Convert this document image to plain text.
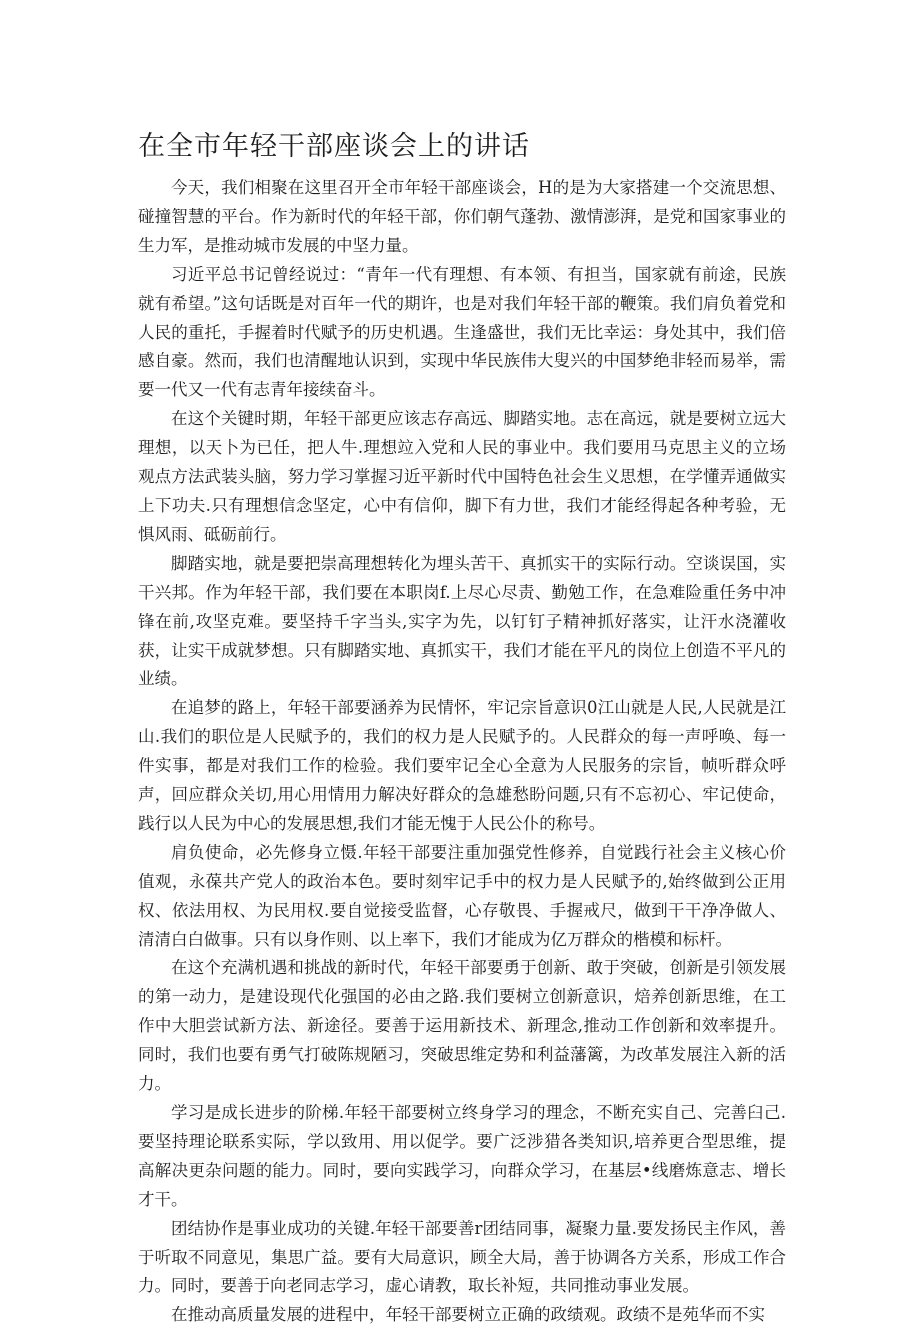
在全市年轻干部座谈会上的讲话

今天，我们相聚在这里召开全市年轻干部座谈会，H的是为大家搭建一个交流思想、碰撞智慧的平台。作为新时代的年轻干部，你们朝气蓬勃、激情澎湃，是党和国家事业的生力军，是推动城市发展的中坚力量。

习近平总书记曾经说过：“青年一代有理想、有本领、有担当，国家就有前途，民族就有希望。”这句话既是对百年一代的期许，也是对我们年轻干部的鞭策。我们肩负着党和人民的重托，手握着时代赋予的历史机遇。生逢盛世，我们无比幸运：身处其中，我们倍感自豪。然而，我们也清醒地认识到，实现中华民族伟大叟兴的中国梦绝非轻而易举，需要一代又一代有志青年接续奋斗。

在这个关键时期，年轻干部更应该志存高远、脚踏实地。志在高远，就是要树立远大理想，以天卜为已任，把人牛.理想竝入党和人民的事业中。我们要用马克思主义的立场观点方法武装头脑，努力学习掌握习近平新时代中国特色社会生义思想，在学懂弄通做实上下功夫.只有理想信念坚定，心中有信仰，脚下有力世，我们才能经得起各种考验，无惧风雨、砥砺前行。

脚踏实地，就是要把崇高理想转化为埋头苦干、真抓实干的实际行动。空谈误国，实干兴邦。作为年轻干部，我们要在本职岗f.上尽心尽责、勤勉工作，在急难险重任务中冲锋在前,攻坚克难。要坚持千字当头,实字为先，以钉钉子精神抓好落实，让汗水浇灌收获，让实干成就梦想。只有脚踏实地、真抓实干，我们才能在平凡的岗位上创造不平凡的业绩。

在追梦的路上，年轻干部要涵养为民情怀，牢记宗旨意识0江山就是人民,人民就是江山.我们的职位是人民赋予的，我们的权力是人民赋予的。人民群众的每一声呼唤、每一件实事，都是对我们工作的检验。我们要牢记全心全意为人民服务的宗旨，帧听群众呼声，回应群众关切,用心用情用力解决好群众的急雄愁盼问题,只有不忘初心、牢记使命，践行以人民为中心的发展思想,我们才能无愧于人民公仆的称号。

肩负使命，必先修身立慑.年轻干部要注重加强党性修养，自觉践行社会主义核心价值观，永葆共产党人的政治本色。要时刻牢记手中的权力是人民赋予的,始终做到公正用权、依法用权、为民用权.要自觉接受监督，心存敬畏、手握戒尺，做到干干净净做人、清清白白做事。只有以身作则、以上率下，我们才能成为亿万群众的楷模和标杆。

在这个充满机遇和挑战的新时代，年轻干部要勇于创新、敢于突破，创新是引领发展的第一动力，是建设现代化强国的必由之路.我们要树立创新意识，焙养创新思维，在工作中大胆尝试新方法、新途径。要善于运用新技术、新理念,推动工作创新和效率提升。同时，我们也要有勇气打破陈规陋习，突破思维定势和利益藩篱，为改革发展注入新的活力。

学习是成长进步的阶梯.年轻干部要树立终身学习的理念，不断充实自己、完善臼己.要坚持理论联系实际，学以致用、用以促学。要广泛涉猎各类知识,培养更合型思维，提高解决更杂问题的能力。同时，要向实践学习，向群众学习，在基层•线磨炼意志、增长才干。

团结协作是事业成功的关键.年轻干部要善r团结同事，凝聚力量.要发扬民主作风，善于听取不同意见，集思广益。要有大局意识，顾全大局，善于协调各方关系，形成工作合力。同时，要善于向老同志学习，虚心请教，取长补短，共同推动事业发展。

在推动高质量发展的进程中，年轻干部要树立正确的政绩观。政绩不是苑华而不实
